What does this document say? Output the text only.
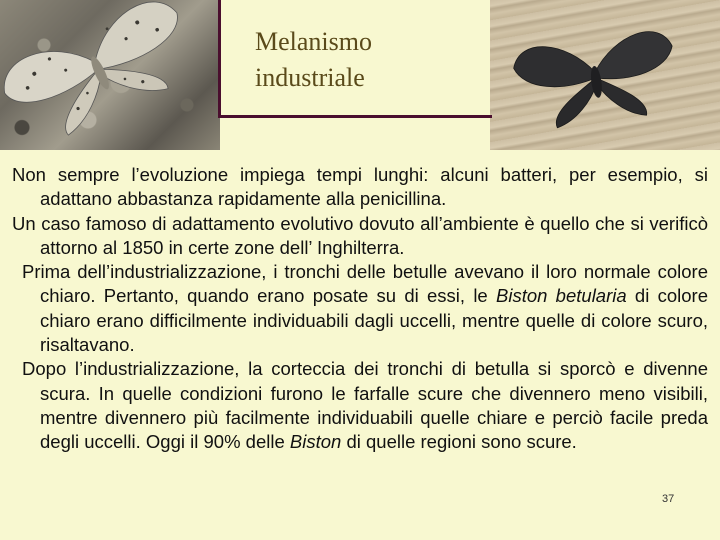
Melanismo
industriale

Non sempre l’evoluzione impiega tempi lunghi: alcuni batteri, per esempio, si adattano abbastanza rapidamente alla penicillina.

Un caso famoso di adattamento evolutivo dovuto all’ambiente è quello che si verificò attorno al 1850 in certe zone dell’ Inghilterra.

Prima dell’industrializzazione, i tronchi delle betulle avevano il loro normale colore chiaro. Pertanto, quando erano posate su di essi, le Biston betularia di colore chiaro erano difficilmente individuabili dagli uccelli, mentre quelle di colore scuro, risaltavano.

Dopo l’industrializzazione, la corteccia dei tronchi di betulla si sporcò e divenne scura. In quelle condizioni furono le farfalle scure che divennero meno visibili, mentre divennero più facilmente individuabili quelle chiare e perciò facile preda degli uccelli. Oggi il 90% delle Biston di quelle regioni sono scure.

37
